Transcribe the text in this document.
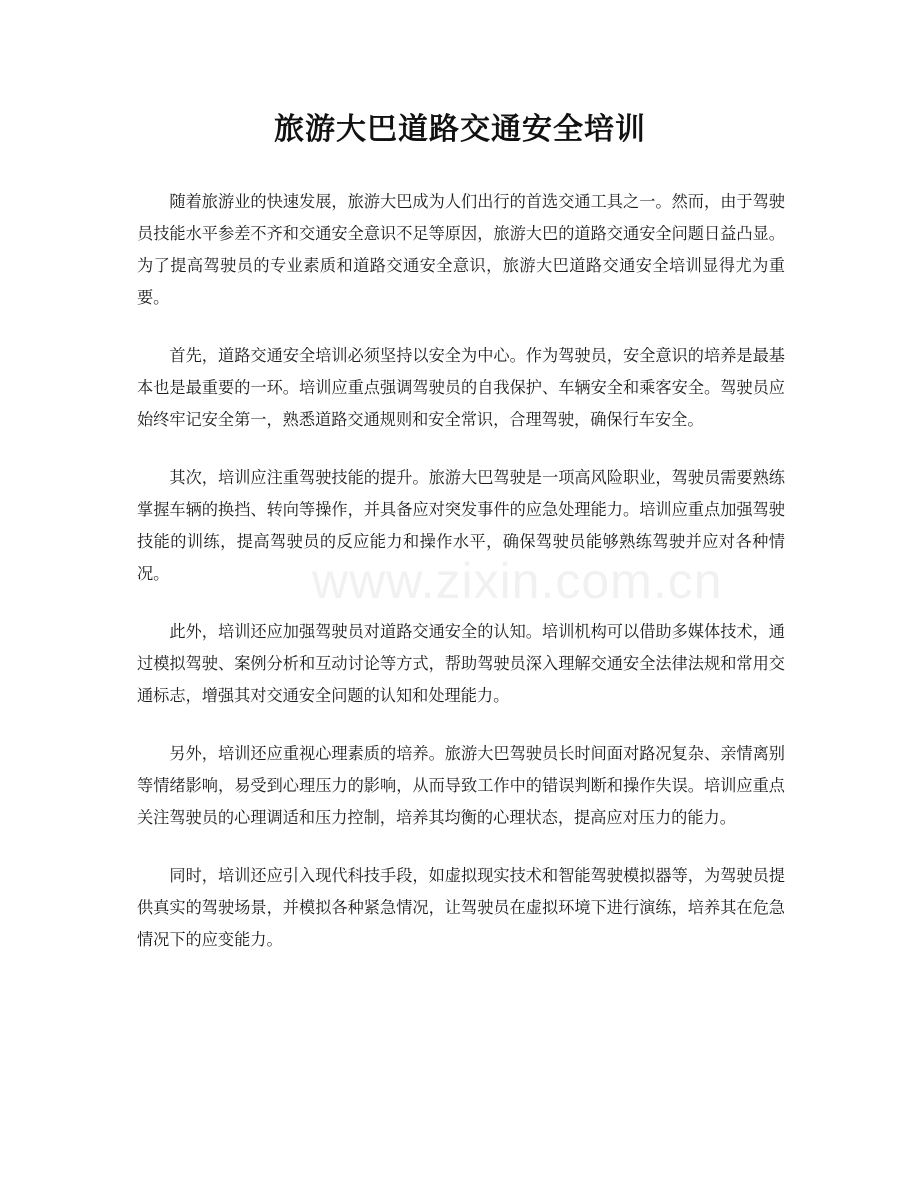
旅游大巴道路交通安全培训

随着旅游业的快速发展，旅游大巴成为人们出行的首选交通工具之一。然而，由于驾驶员技能水平参差不齐和交通安全意识不足等原因，旅游大巴的道路交通安全问题日益凸显。为了提高驾驶员的专业素质和道路交通安全意识，旅游大巴道路交通安全培训显得尤为重要。

首先，道路交通安全培训必须坚持以安全为中心。作为驾驶员，安全意识的培养是最基本也是最重要的一环。培训应重点强调驾驶员的自我保护、车辆安全和乘客安全。驾驶员应始终牢记安全第一，熟悉道路交通规则和安全常识，合理驾驶，确保行车安全。

其次，培训应注重驾驶技能的提升。旅游大巴驾驶是一项高风险职业，驾驶员需要熟练掌握车辆的换挡、转向等操作，并具备应对突发事件的应急处理能力。培训应重点加强驾驶技能的训练，提高驾驶员的反应能力和操作水平，确保驾驶员能够熟练驾驶并应对各种情况。

此外，培训还应加强驾驶员对道路交通安全的认知。培训机构可以借助多媒体技术，通过模拟驾驶、案例分析和互动讨论等方式，帮助驾驶员深入理解交通安全法律法规和常用交通标志，增强其对交通安全问题的认知和处理能力。

另外，培训还应重视心理素质的培养。旅游大巴驾驶员长时间面对路况复杂、亲情离别等情绪影响，易受到心理压力的影响，从而导致工作中的错误判断和操作失误。培训应重点关注驾驶员的心理调适和压力控制，培养其均衡的心理状态，提高应对压力的能力。

同时，培训还应引入现代科技手段，如虚拟现实技术和智能驾驶模拟器等，为驾驶员提供真实的驾驶场景，并模拟各种紧急情况，让驾驶员在虚拟环境下进行演练，培养其在危急情况下的应变能力。

www.zixin.com.cn
